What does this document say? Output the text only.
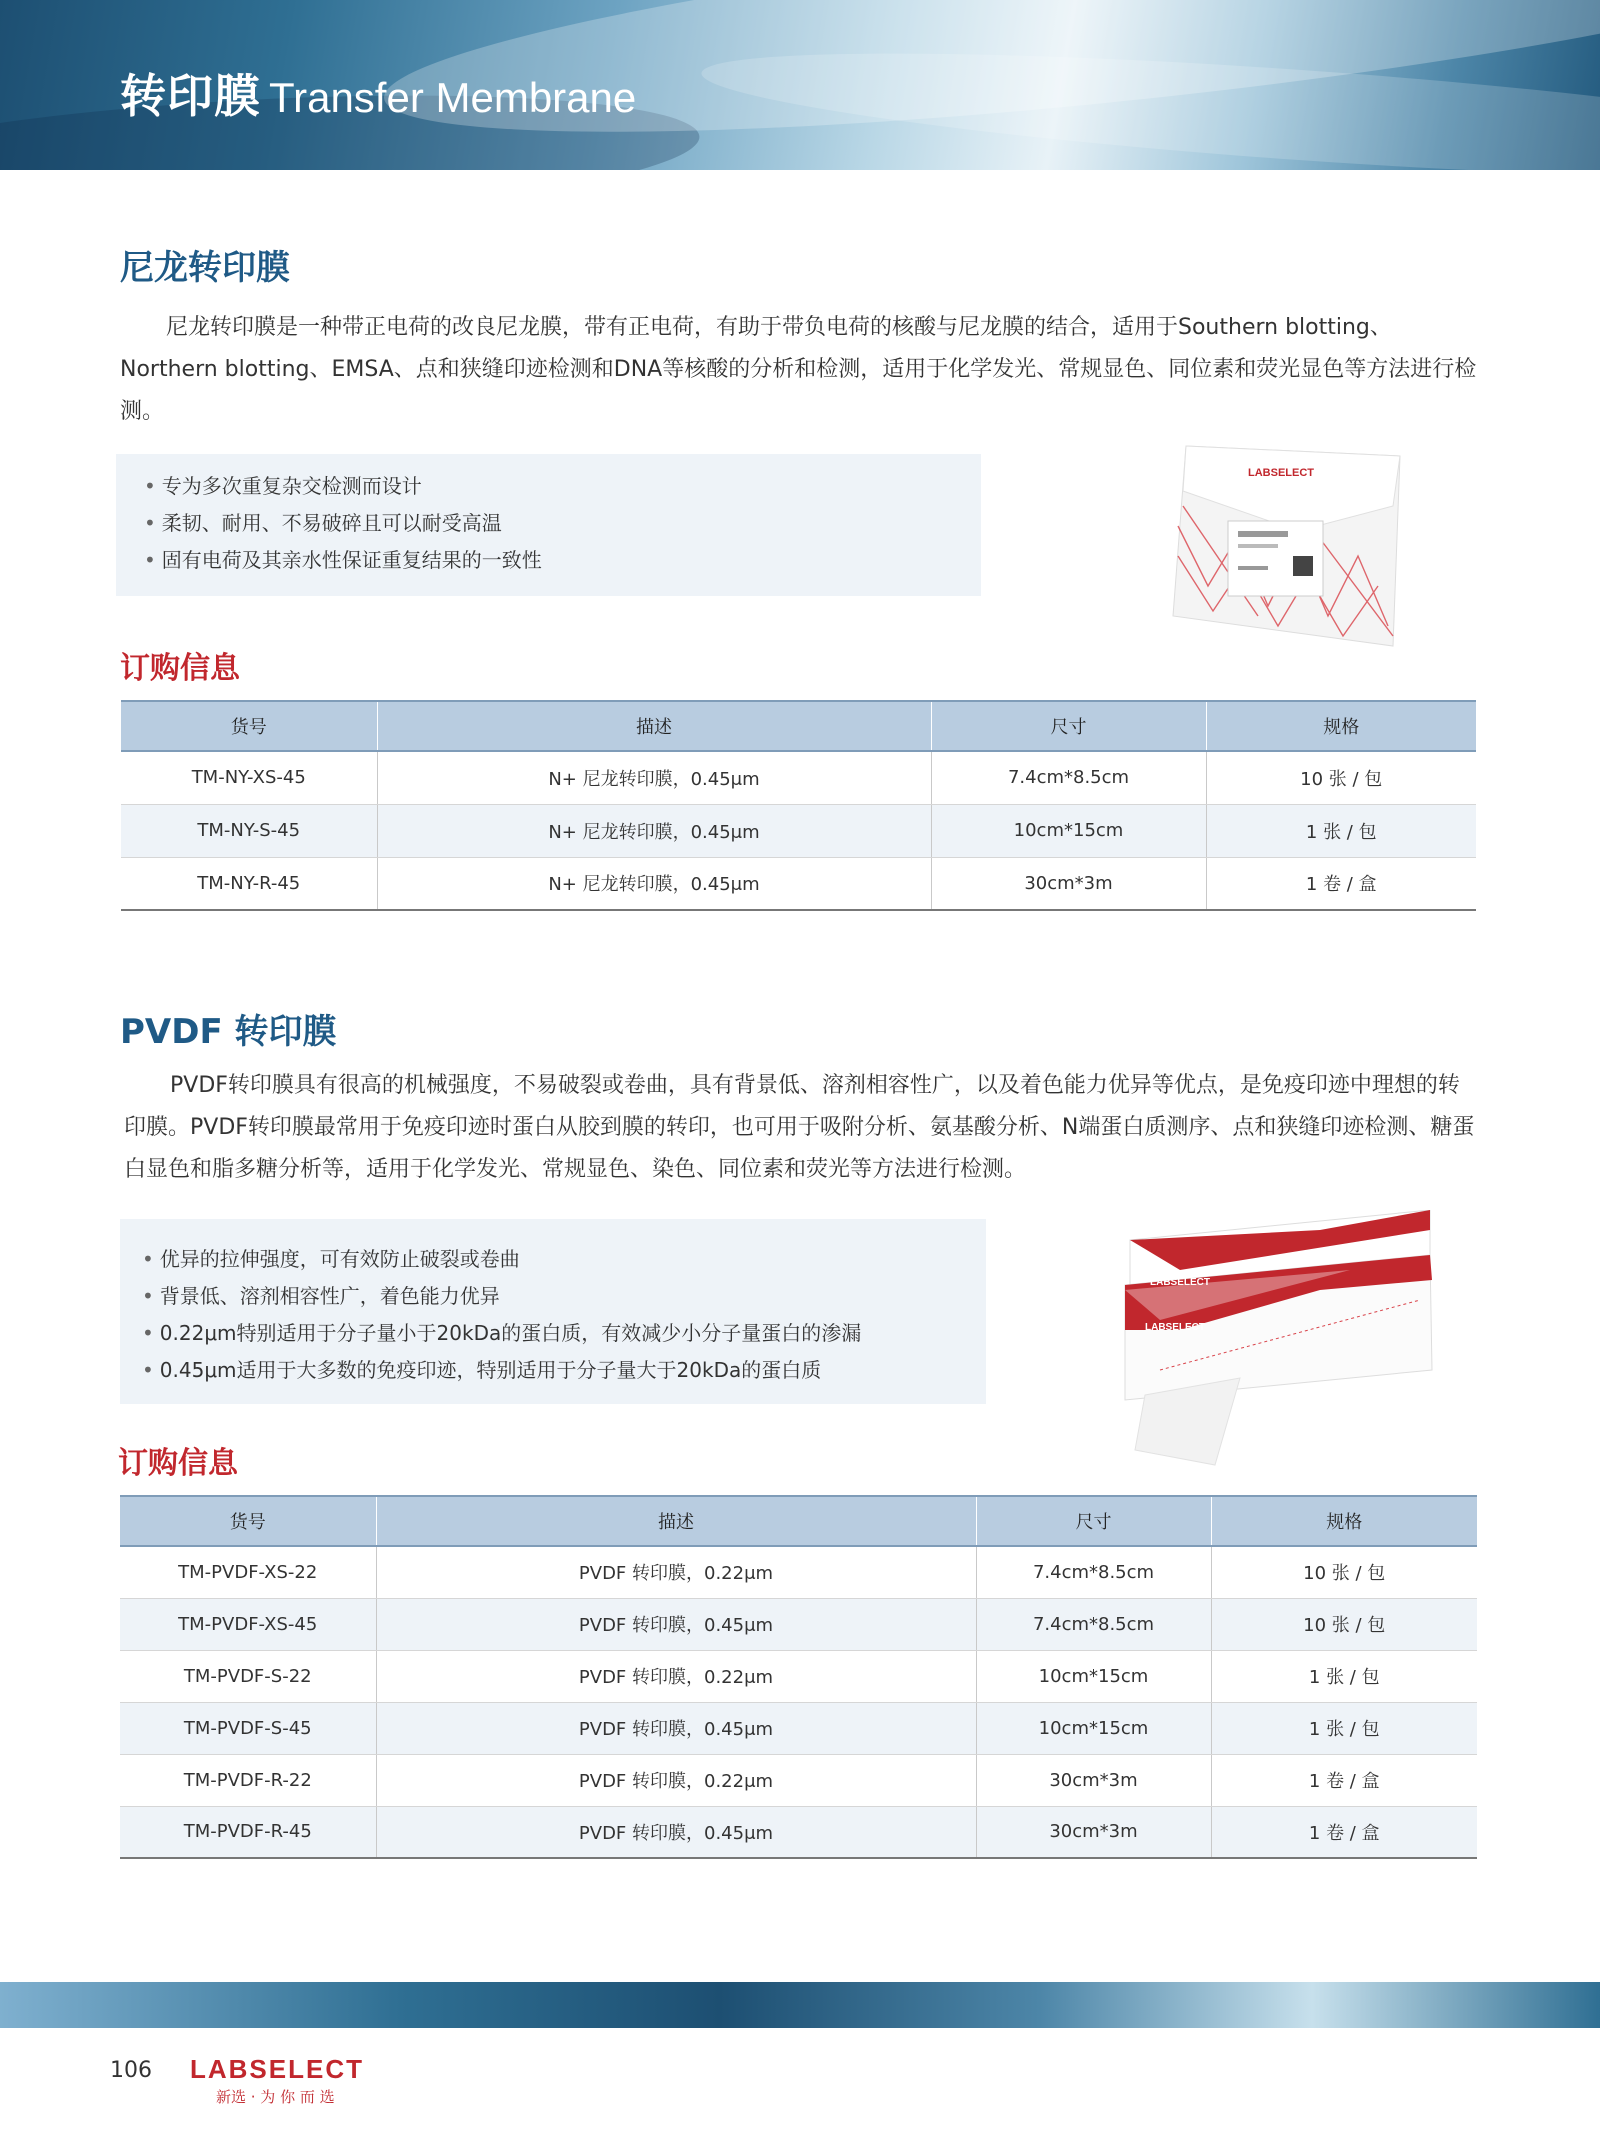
转印膜 Transfer Membrane
尼龙转印膜
尼龙转印膜是一种带正电荷的改良尼龙膜，带有正电荷，有助于带负电荷的核酸与尼龙膜的结合，适用于Southern blotting、Northern blotting、EMSA、点和狭缝印迹检测和DNA等核酸的分析和检测，适用于化学发光、常规显色、同位素和荧光显色等方法进行检测。
• 专为多次重复杂交检测而设计
• 柔韧、耐用、不易破碎且可以耐受高温
• 固有电荷及其亲水性保证重复结果的一致性
LABSELECT
订购信息
货号	描述	尺寸	规格
TM-NY-XS-45	N+ 尼龙转印膜，0.45μm	7.4cm*8.5cm	10 张 / 包
TM-NY-S-45	N+ 尼龙转印膜，0.45μm	10cm*15cm	1 张 / 包
TM-NY-R-45	N+ 尼龙转印膜，0.45μm	30cm*3m	1 卷 / 盒
PVDF 转印膜
PVDF转印膜具有很高的机械强度，不易破裂或卷曲，具有背景低、溶剂相容性广，以及着色能力优异等优点，是免疫印迹中理想的转印膜。PVDF转印膜最常用于免疫印迹时蛋白从胶到膜的转印，也可用于吸附分析、氨基酸分析、N端蛋白质测序、点和狭缝印迹检测、糖蛋白显色和脂多糖分析等，适用于化学发光、常规显色、染色、同位素和荧光等方法进行检测。
• 优异的拉伸强度，可有效防止破裂或卷曲
• 背景低、溶剂相容性广，着色能力优异
• 0.22μm特别适用于分子量小于20kDa的蛋白质，有效减少小分子量蛋白的渗漏
• 0.45μm适用于大多数的免疫印迹，特别适用于分子量大于20kDa的蛋白质
LABSELECT
LABSELECT
订购信息
货号	描述	尺寸	规格
TM-PVDF-XS-22	PVDF 转印膜，0.22μm	7.4cm*8.5cm	10 张 / 包
TM-PVDF-XS-45	PVDF 转印膜，0.45μm	7.4cm*8.5cm	10 张 / 包
TM-PVDF-S-22	PVDF 转印膜，0.22μm	10cm*15cm	1 张 / 包
TM-PVDF-S-45	PVDF 转印膜，0.45μm	10cm*15cm	1 张 / 包
TM-PVDF-R-22	PVDF 转印膜，0.22μm	30cm*3m	1 卷 / 盒
TM-PVDF-R-45	PVDF 转印膜，0.45μm	30cm*3m	1 卷 / 盒
106 LABSELECT
新选 · 为 你 而 选
